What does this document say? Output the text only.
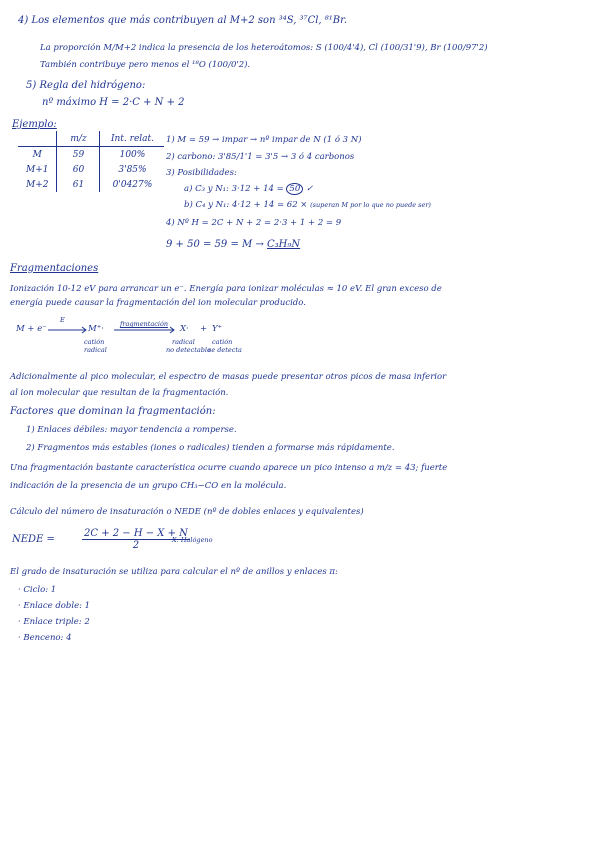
4) Los elementos que más contribuyen al M+2 son ³⁴S, ³⁷Cl, ⁸¹Br.
La proporción M/M+2 indica la presencia de los heteroátomos: S (100/4'4), Cl (100/31'9), Br (100/97'2)
También contribuye pero menos el ¹⁸O (100/0'2).
5) Regla del hidrógeno:
nº máximo H = 2·C + N + 2
Ejemplo:
	m/z	Int. relat.
M	59	100%
M+1	60	3'85%
M+2	61	0'0427%
1) M = 59 → impar → nº impar de N (1 ó 3 N)
2) carbono: 3'85/1'1 = 3'5 → 3 ó 4 carbonos
3) Posibilidades:
a) C₃ y N₁: 3·12 + 14 = 50 ✓
b) C₄ y N₁: 4·12 + 14 = 62 × (superan M por lo que no puede ser)
4) Nº H = 2C + N + 2 = 2·3 + 1 + 2 = 9
9 + 50 = 59 = M → C₃H₉N
Fragmentaciones
Ionización 10-12 eV para arrancar un e⁻. Energía para ionizar moléculas ≈ 10 eV. El gran exceso de
energía puede causar la fragmentación del ion molecular producido.
M + e⁻
E
M⁺·
catión
radical
fragmentación X· + Y⁺
radical
no detectable
catión
se detecta
Adicionalmente al pico molecular, el espectro de masas puede presentar otros picos de masa inferior
al ion molecular que resultan de la fragmentación.
Factores que dominan la fragmentación:
1) Enlaces débiles: mayor tendencia a romperse.
2) Fragmentos más estables (iones o radicales) tienden a formarse más rápidamente.
Una fragmentación bastante característica ocurre cuando aparece un pico intenso a m/z = 43; fuerte
indicación de la presencia de un grupo CH₃−CO en la molécula.
Cálculo del número de insaturación o NEDE (nº de dobles enlaces y equivalentes)
NEDE =	$\frac{2C + 2 - H - X + N}{2}$
X: Halógeno
El grado de insaturación se utiliza para calcular el nº de anillos y enlaces π:
· Ciclo: 1
· Enlace doble: 1
· Enlace triple: 2
· Benceno: 4
